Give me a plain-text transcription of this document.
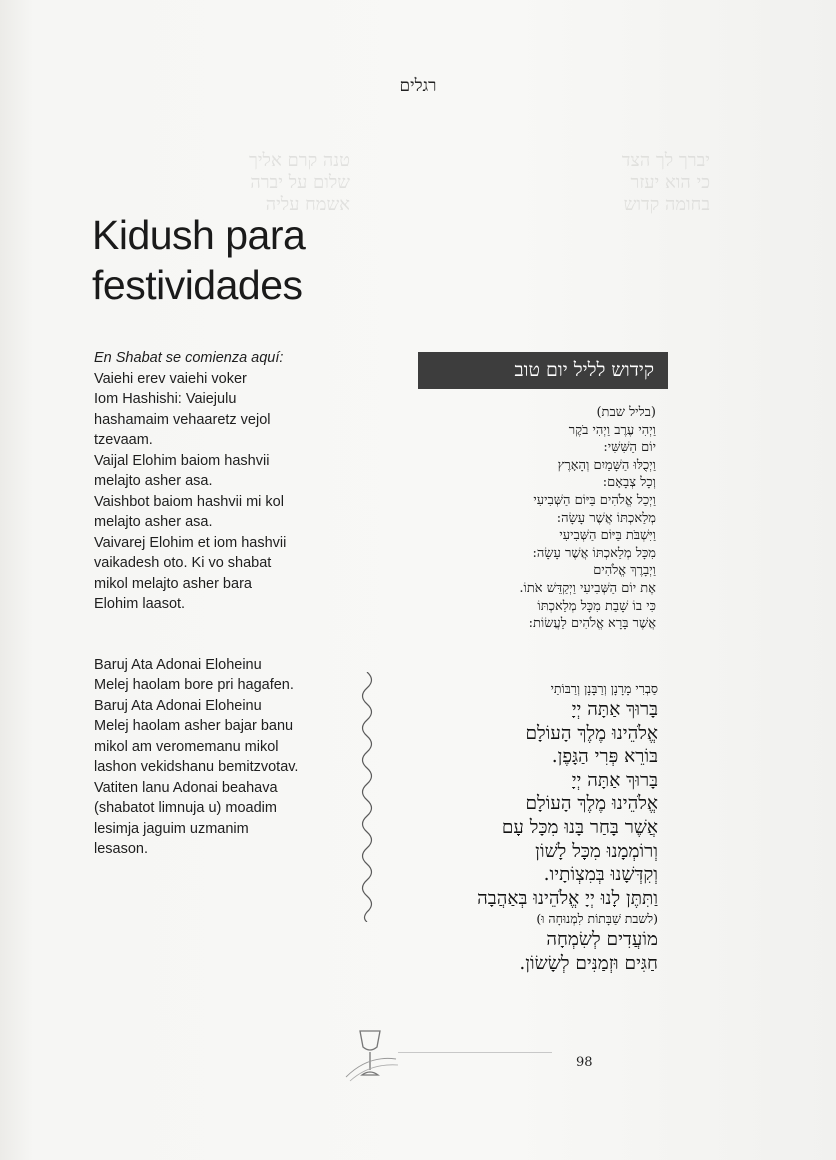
טנה קרם אליך
שלום על יברה
אשמח עליה
יברך לך הצד
כי הוא יעזר
בחומה קדוש
רגלים
Kidush para
festividades

En Shabat se comienza aquí:

Vaiehi erev vaiehi voker

Iom Hashishi: Vaiejulu

hashamaim vehaaretz vejol

tzevaam.

Vaijal Elohim baiom hashvii

melajto asher asa.

Vaishbot baiom hashvii mi kol

melajto asher asa.

Vaivarej Elohim et iom hashvii

vaikadesh oto. Ki vo shabat

mikol melajto asher bara

Elohim laasot.

Baruj Ata Adonai Eloheinu

Melej haolam bore pri hagafen.

Baruj Ata Adonai Eloheinu

Melej haolam asher bajar banu

mikol am veromemanu mikol

lashon vekidshanu bemitzvotav.

Vatiten lanu Adonai beahava

(shabatot limnuja u) moadim

lesimja jaguim uzmanim

lesason.

קידוש לליל יום טוב

(בליל שבת)

וַיְהִי עֶרֶב וַיְהִי בֹקֶר

יוֹם הַשִּׁשִּׁי:

וַיְכֻלּוּ הַשָּׁמַיִם וְהָאָרֶץ

וְכָל צְבָאָם:

וַיְכַל אֱלֹהִים בַּיּוֹם הַשְּׁבִיעִי

מְלַאכְתּוֹ אֲשֶׁר עָשָׂה:

וַיִּשְׁבֹּת בַּיּוֹם הַשְּׁבִיעִי

מִכָּל מְלַאכְתּוֹ אֲשֶׁר עָשָׂה:

וַיְבָרֶךְ אֱלֹהִים

אֶת יוֹם הַשְּׁבִיעִי וַיְקַדֵּשׁ אֹתוֹ.

כִּי בוֹ שָׁבַת מִכָּל מְלַאכְתּוֹ

אֲשֶׁר בָּרָא אֱלֹהִים לַעֲשׂוֹת:

סַבְרִי מָרָנָן וְרַבָּנָן וְרַבּוֹתַי

בָּרוּךְ אַתָּה יְיָ

אֱלֹהֵינוּ מֶלֶךְ הָעוֹלָם

בּוֹרֵא פְּרִי הַגָּפֶן.

בָּרוּךְ אַתָּה יְיָ

אֱלֹהֵינוּ מֶלֶךְ הָעוֹלָם

אֲשֶׁר בָּחַר בָּנוּ מִכָּל עָם

וְרוֹמְמָנוּ מִכָּל לָשׁוֹן

וְקִדְּשָׁנוּ בְּמִצְוֹתָיו.

וַתִּתֶּן לָנוּ יְיָ אֱלֹהֵינוּ בְּאַהֲבָה

(לשבת שַׁבָּתוֹת לִמְנוּחָה וּ)

מוֹעֲדִים לְשִׂמְחָה

חַגִּים וּזְמַנִּים לְשָׂשׂוֹן.

98
